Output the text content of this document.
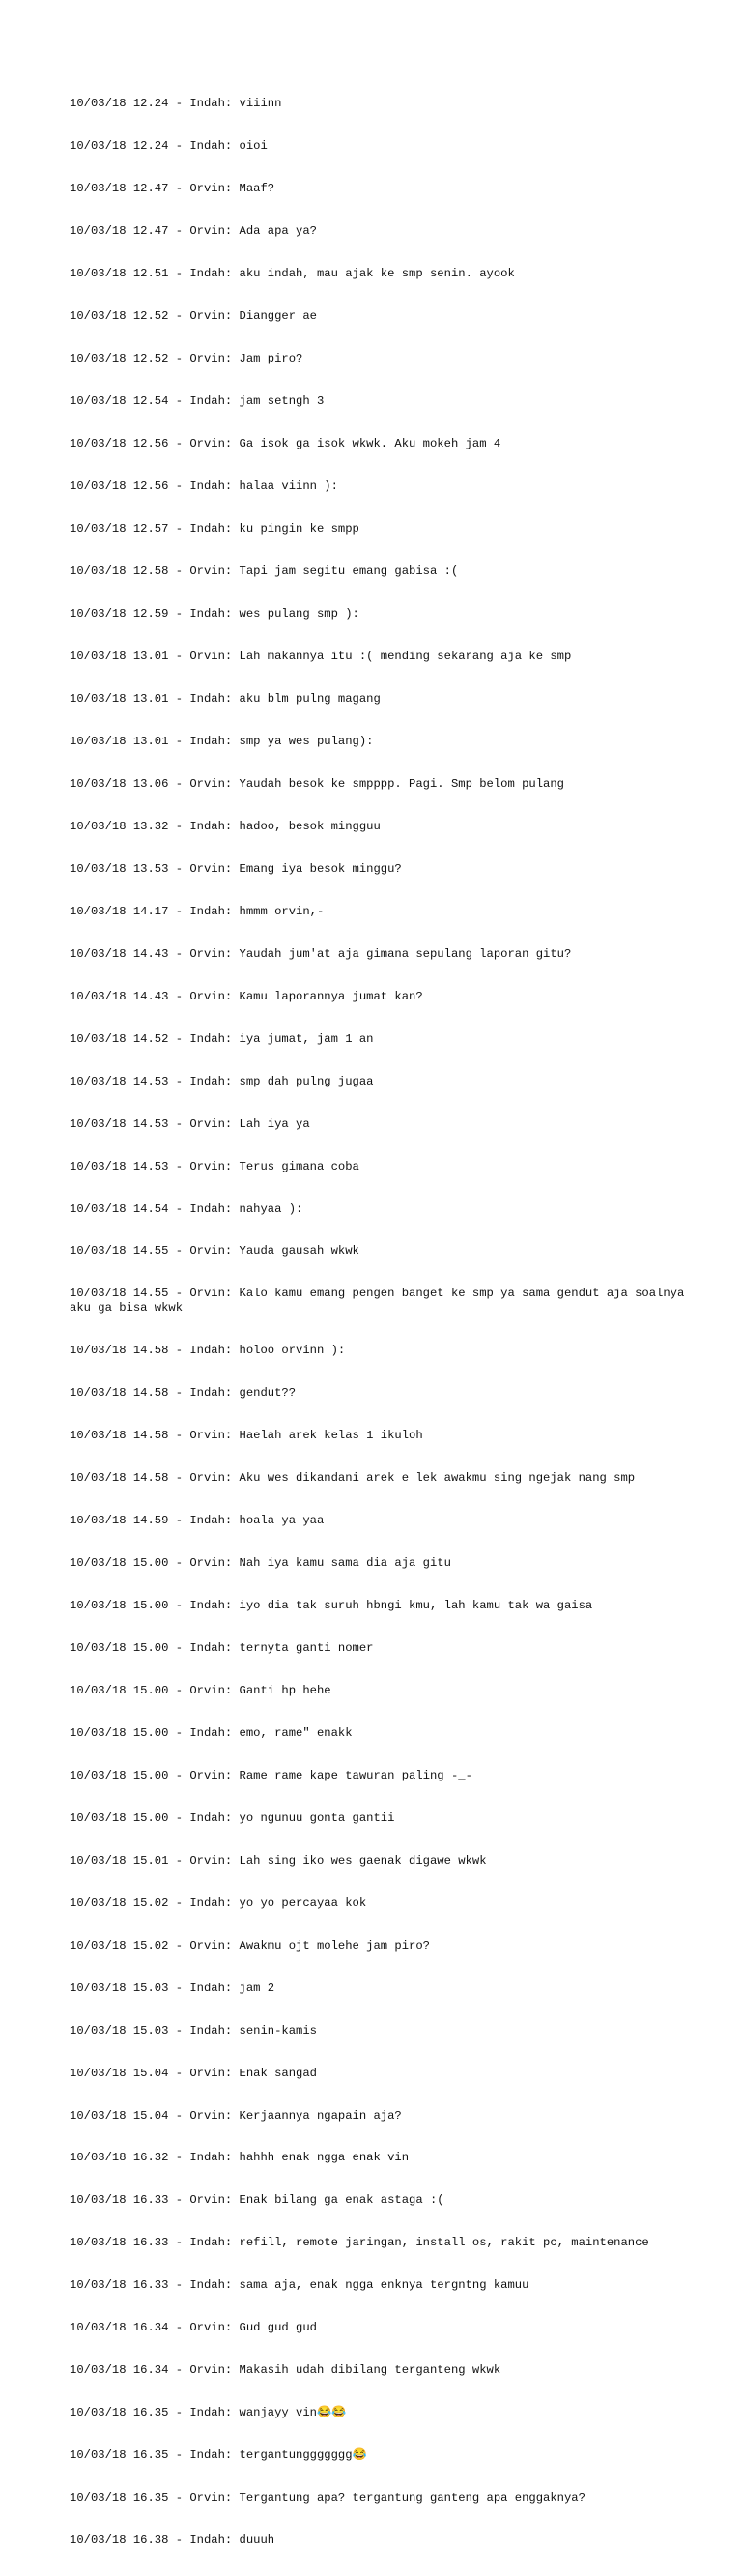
10/03/18 12.24 - Indah: viiinn

10/03/18 12.24 - Indah: oioi

10/03/18 12.47 - Orvin: Maaf?

10/03/18 12.47 - Orvin: Ada apa ya?

10/03/18 12.51 - Indah: aku indah, mau ajak ke smp senin. ayook

10/03/18 12.52 - Orvin: Diangger ae

10/03/18 12.52 - Orvin: Jam piro?

10/03/18 12.54 - Indah: jam setngh 3

10/03/18 12.56 - Orvin: Ga isok ga isok wkwk. Aku mokeh jam 4

10/03/18 12.56 - Indah: halaa viinn ):

10/03/18 12.57 - Indah: ku pingin ke smpp

10/03/18 12.58 - Orvin: Tapi jam segitu emang gabisa :(

10/03/18 12.59 - Indah: wes pulang smp ):

10/03/18 13.01 - Orvin: Lah makannya itu :( mending sekarang aja ke smp

10/03/18 13.01 - Indah: aku blm pulng magang

10/03/18 13.01 - Indah: smp ya wes pulang):

10/03/18 13.06 - Orvin: Yaudah besok ke smpppp. Pagi. Smp belom pulang

10/03/18 13.32 - Indah: hadoo, besok mingguu

10/03/18 13.53 - Orvin: Emang iya besok minggu?

10/03/18 14.17 - Indah: hmmm orvin,-

10/03/18 14.43 - Orvin: Yaudah jum'at aja gimana sepulang laporan gitu?

10/03/18 14.43 - Orvin: Kamu laporannya jumat kan?

10/03/18 14.52 - Indah: iya jumat, jam 1 an

10/03/18 14.53 - Indah: smp dah pulng jugaa

10/03/18 14.53 - Orvin: Lah iya ya

10/03/18 14.53 - Orvin: Terus gimana coba

10/03/18 14.54 - Indah: nahyaa ):

10/03/18 14.55 - Orvin: Yauda gausah wkwk

10/03/18 14.55 - Orvin: Kalo kamu emang pengen banget ke smp ya sama gendut aja soalnya aku ga bisa wkwk

10/03/18 14.58 - Indah: holoo orvinn ):

10/03/18 14.58 - Indah: gendut??

10/03/18 14.58 - Orvin: Haelah arek kelas 1 ikuloh

10/03/18 14.58 - Orvin: Aku wes dikandani arek e lek awakmu sing ngejak nang smp

10/03/18 14.59 - Indah: hoala ya yaa

10/03/18 15.00 - Orvin: Nah iya kamu sama dia aja gitu

10/03/18 15.00 - Indah: iyo dia tak suruh hbngi kmu, lah kamu tak wa gaisa

10/03/18 15.00 - Indah: ternyta ganti nomer

10/03/18 15.00 - Orvin: Ganti hp hehe

10/03/18 15.00 - Indah: emo, rame" enakk

10/03/18 15.00 - Orvin: Rame rame kape tawuran paling -_-

10/03/18 15.00 - Indah: yo ngunuu gonta gantii

10/03/18 15.01 - Orvin: Lah sing iko wes gaenak digawe wkwk

10/03/18 15.02 - Indah: yo yo percayaa kok

10/03/18 15.02 - Orvin: Awakmu ojt molehe jam piro?

10/03/18 15.03 - Indah: jam 2

10/03/18 15.03 - Indah: senin-kamis

10/03/18 15.04 - Orvin: Enak sangad

10/03/18 15.04 - Orvin: Kerjaannya ngapain aja?

10/03/18 16.32 - Indah: hahhh enak ngga enak vin

10/03/18 16.33 - Orvin: Enak bilang ga enak astaga :(

10/03/18 16.33 - Indah: refill, remote jaringan, install os, rakit pc, maintenance

10/03/18 16.33 - Indah: sama aja, enak ngga enknya tergntng kamuu

10/03/18 16.34 - Orvin: Gud gud gud

10/03/18 16.34 - Orvin: Makasih udah dibilang terganteng wkwk

10/03/18 16.35 - Indah: wanjayy vin😂😂

10/03/18 16.35 - Indah: tergantunggggggg😂

10/03/18 16.35 - Orvin: Tergantung apa? tergantung ganteng apa enggaknya?

10/03/18 16.38 - Indah: duuuh
